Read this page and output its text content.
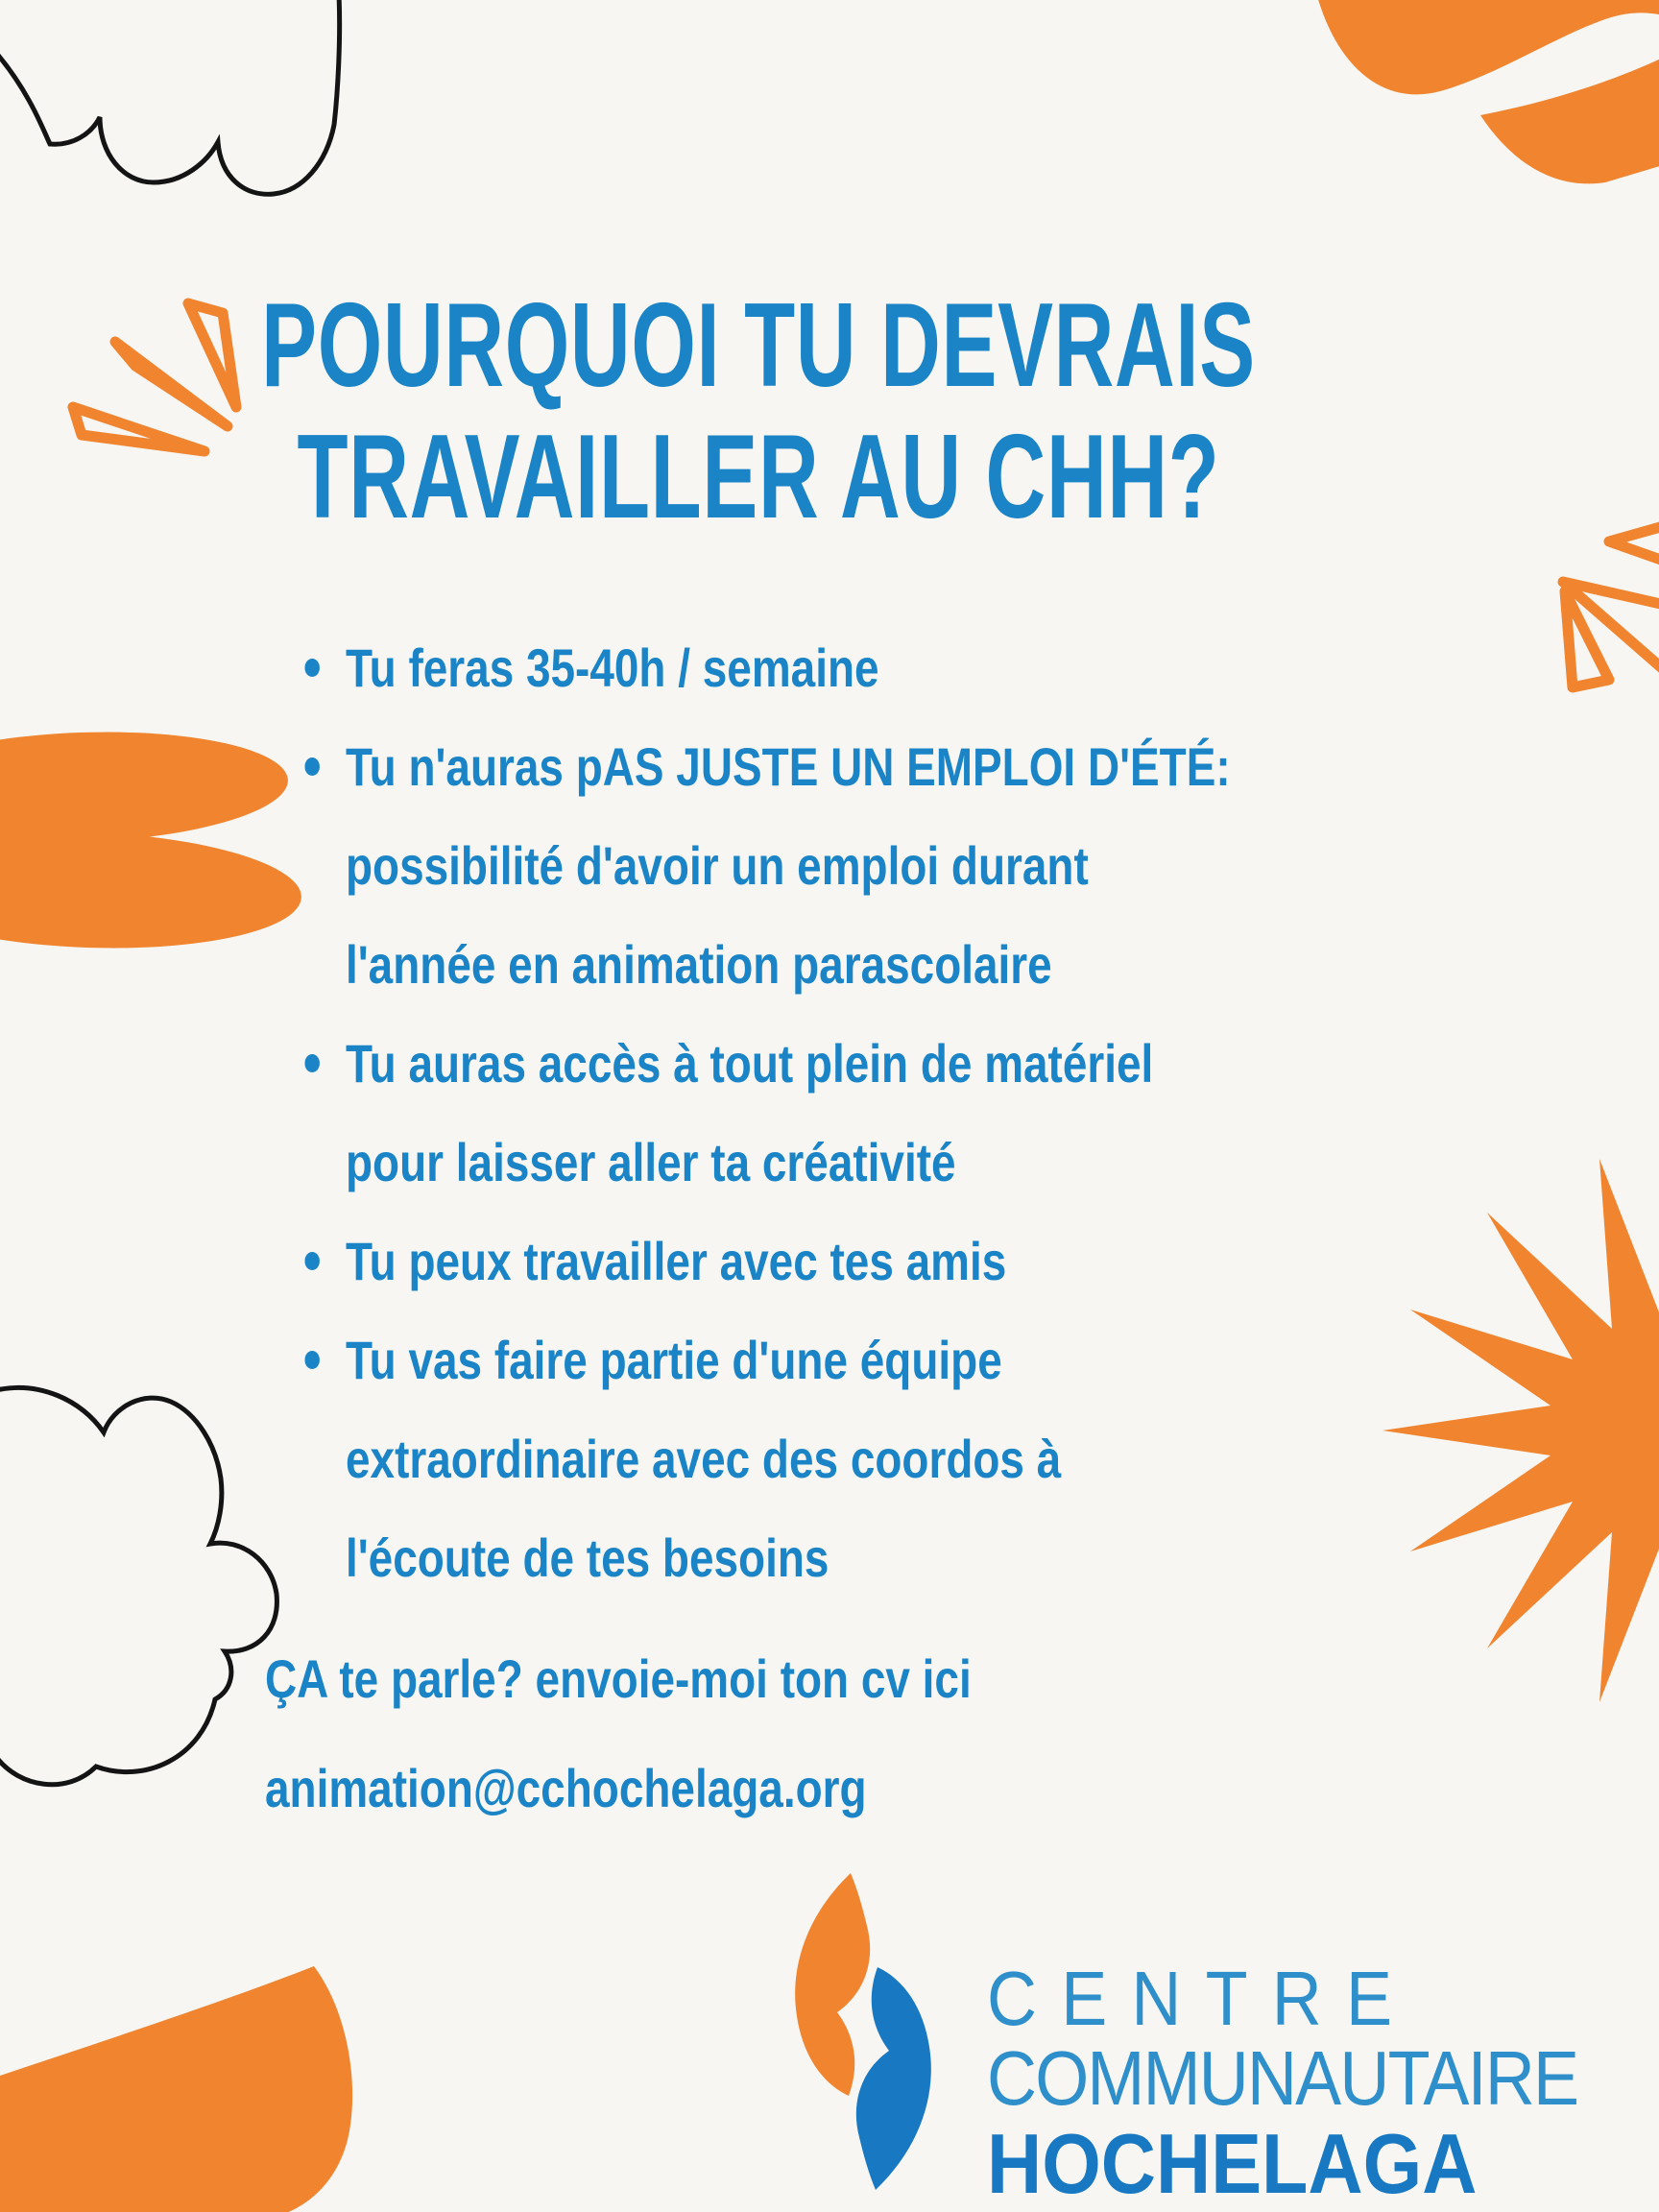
POURQUOI TU DEVRAIS
TRAVAILLER AU CHH?
Tu feras 35-40h / semaine
Tu n'auras pAS JUSTE UN EMPLOI D'ÉTÉ:
possibilité d'avoir un emploi durant
l'année en animation parascolaire
Tu auras accès à tout plein de matériel
pour laisser aller ta créativité
Tu peux travailler avec tes amis
Tu vas faire partie d'une équipe
extraordinaire avec des coordos à
l'écoute de tes besoins
ÇA te parle? envoie-moi ton cv ici
animation@cchochelaga.org
CENTRE
COMMUNAUTAIRE
HOCHELAGA
